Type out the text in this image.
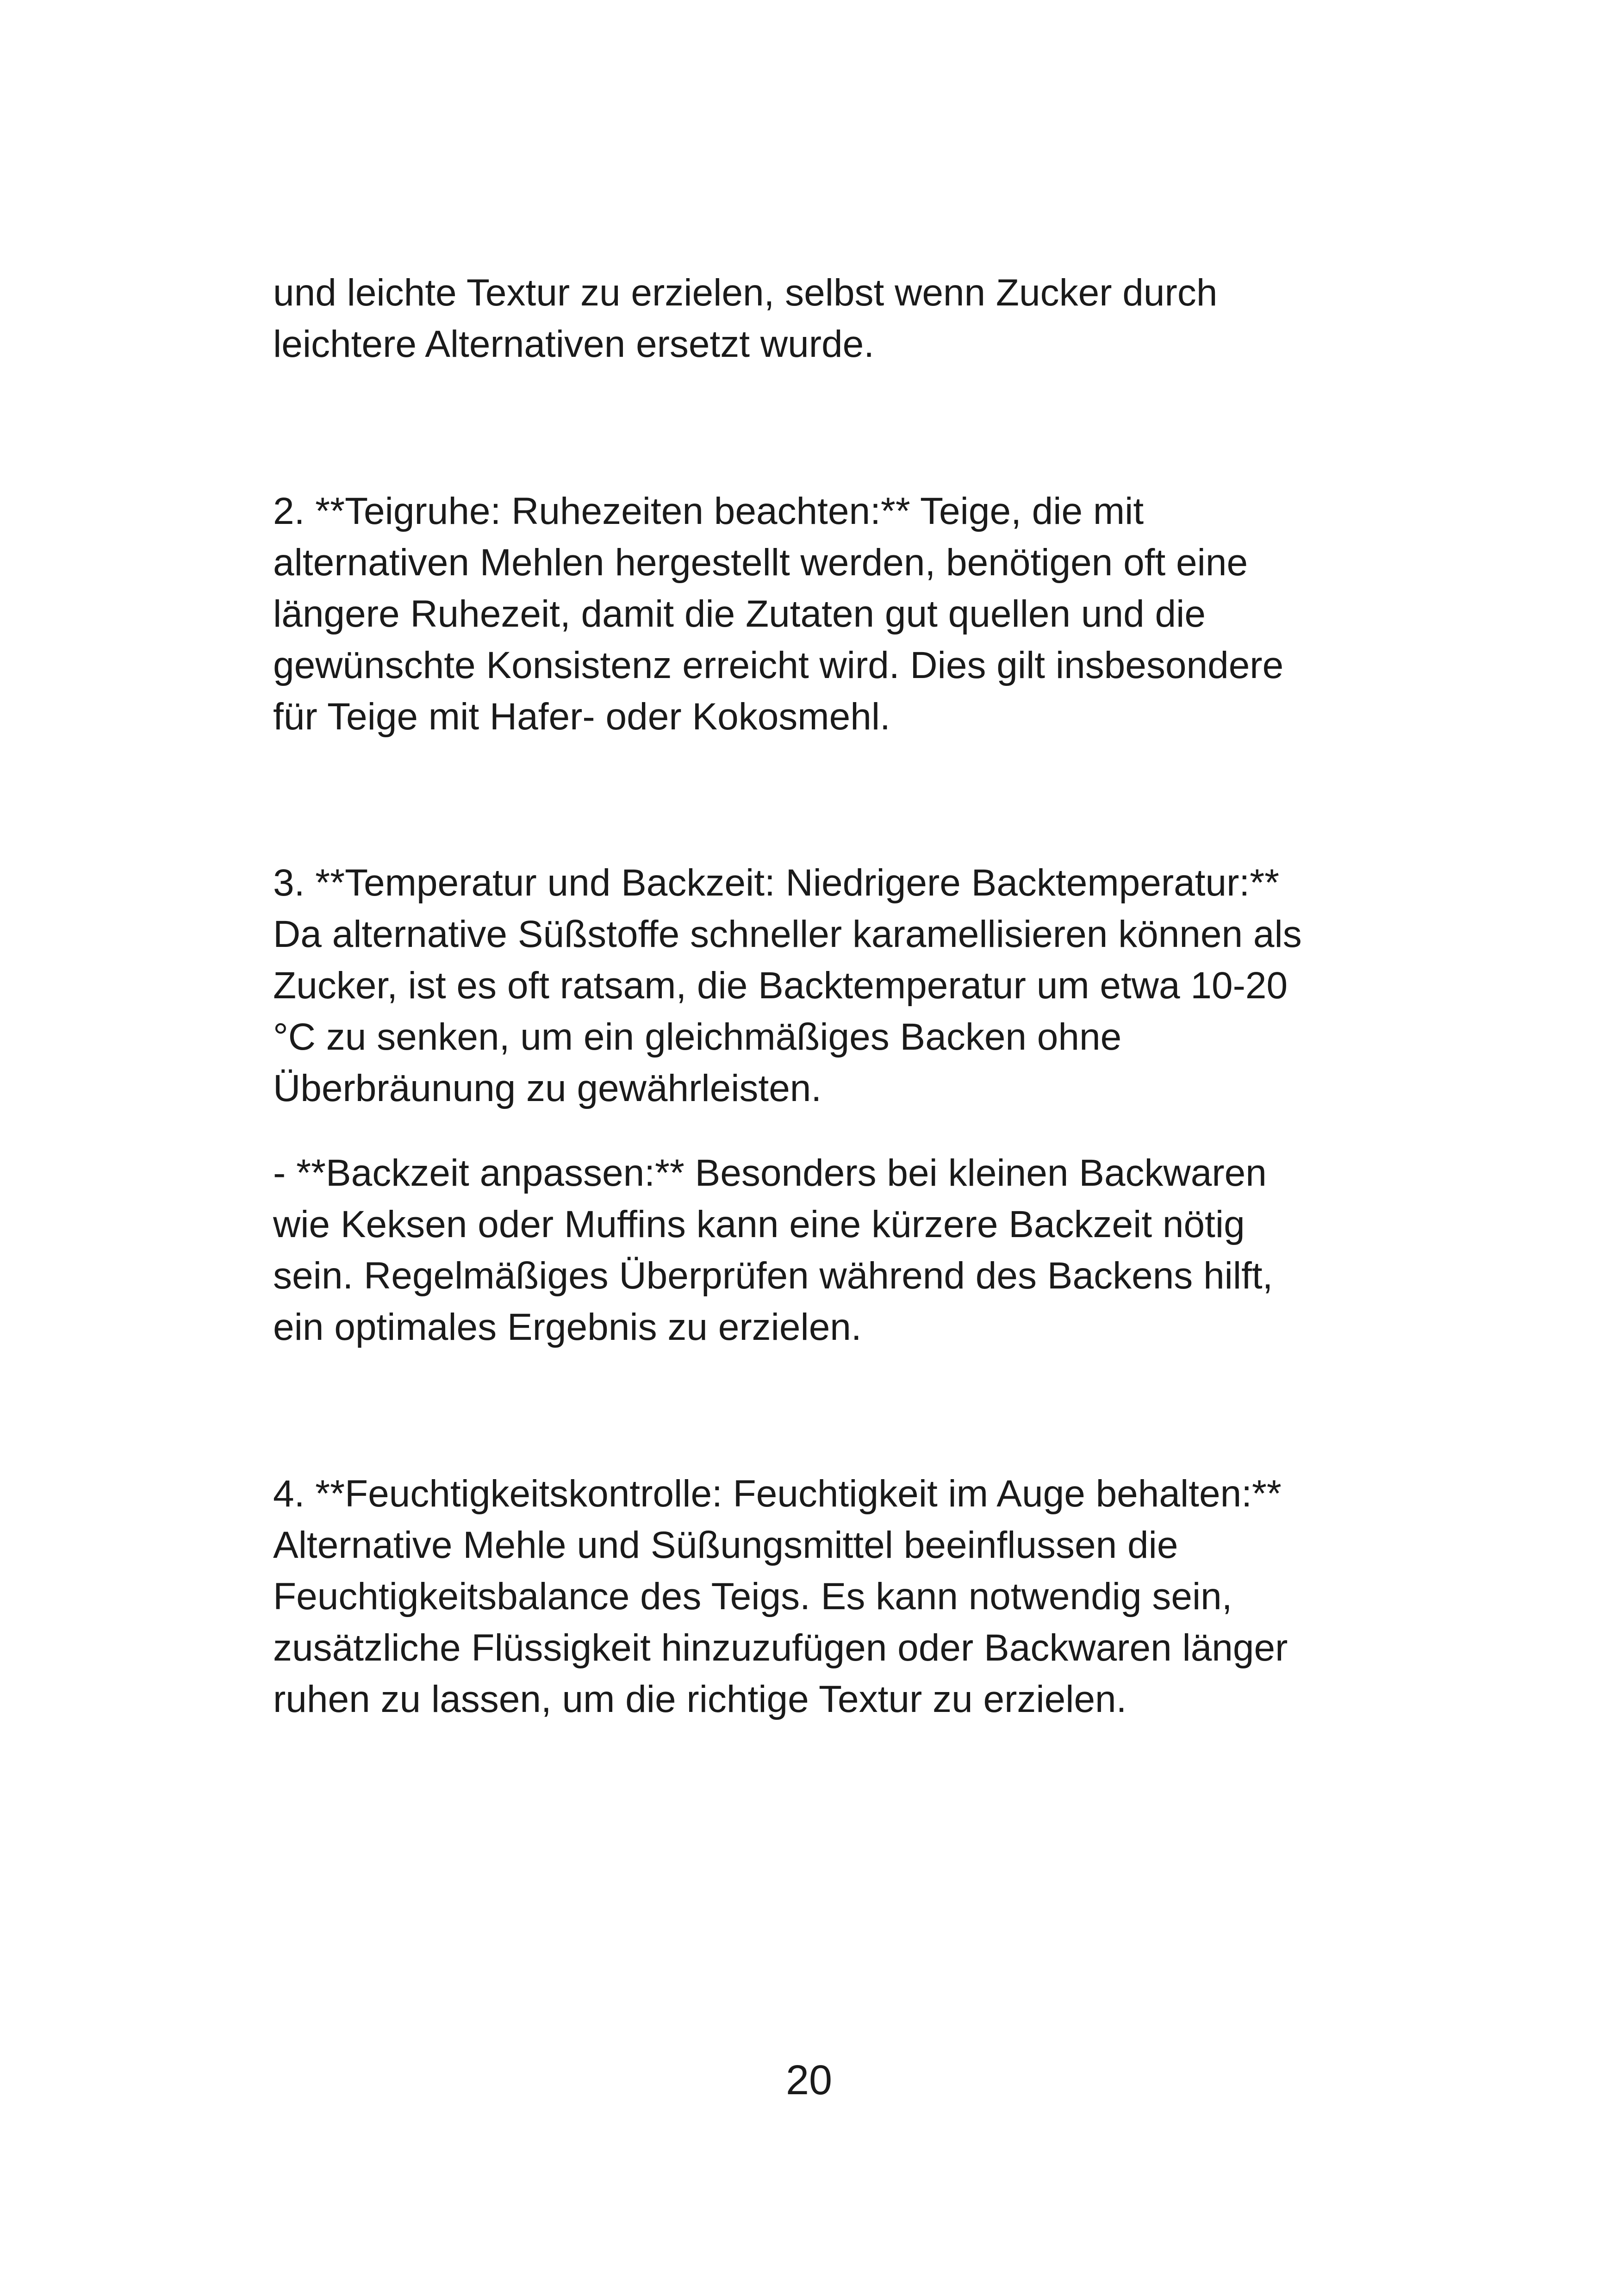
und leichte Textur zu erzielen, selbst wenn Zucker durch
leichtere Alternativen ersetzt wurde.

2. **Teigruhe: Ruhezeiten beachten:** Teige, die mit
alternativen Mehlen hergestellt werden, benötigen oft eine
längere Ruhezeit, damit die Zutaten gut quellen und die
gewünschte Konsistenz erreicht wird. Dies gilt insbesondere
für Teige mit Hafer- oder Kokosmehl.

3. **Temperatur und Backzeit: Niedrigere Backtemperatur:**
Da alternative Süßstoffe schneller karamellisieren können als
Zucker, ist es oft ratsam, die Backtemperatur um etwa 10-20
°C zu senken, um ein gleichmäßiges Backen ohne
Überbräunung zu gewährleisten.

- **Backzeit anpassen:** Besonders bei kleinen Backwaren
wie Keksen oder Muffins kann eine kürzere Backzeit nötig
sein. Regelmäßiges Überprüfen während des Backens hilft,
ein optimales Ergebnis zu erzielen.

4. **Feuchtigkeitskontrolle: Feuchtigkeit im Auge behalten:**
Alternative Mehle und Süßungsmittel beeinflussen die
Feuchtigkeitsbalance des Teigs. Es kann notwendig sein,
zusätzliche Flüssigkeit hinzuzufügen oder Backwaren länger
ruhen zu lassen, um die richtige Textur zu erzielen.

20
